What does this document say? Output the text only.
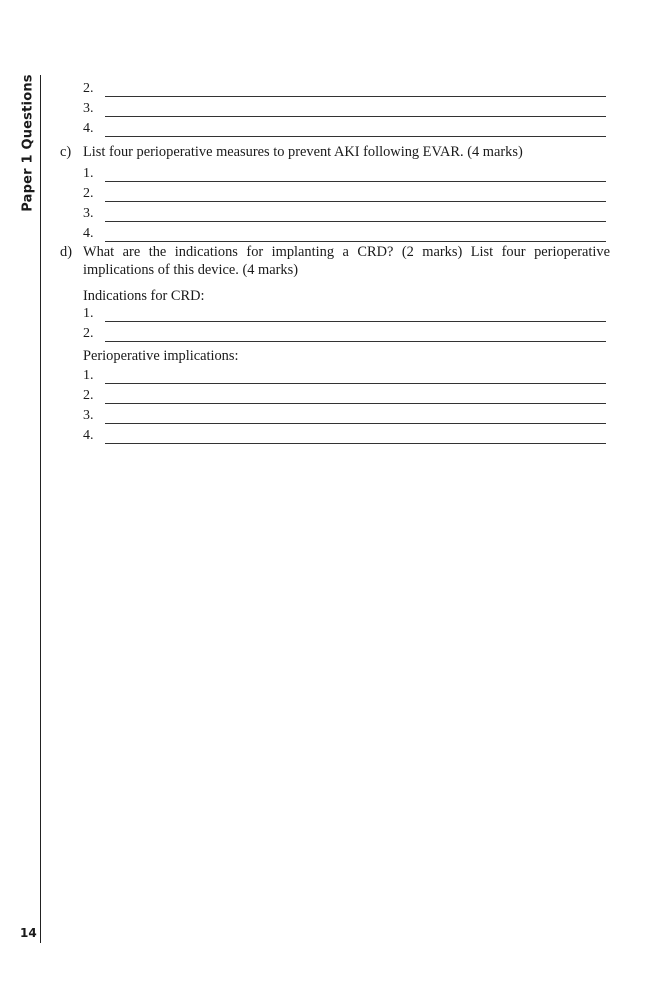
Paper 1 Questions
14
2.
3.
4.
c) List four perioperative measures to prevent AKI following EVAR. (4 marks)
1.
2.
3.
4.
d) What are the indications for implanting a CRD? (2 marks) List four perioperative implications of this device. (4 marks)
Indications for CRD:
1.
2.
Perioperative implications:
1.
2.
3.
4.
